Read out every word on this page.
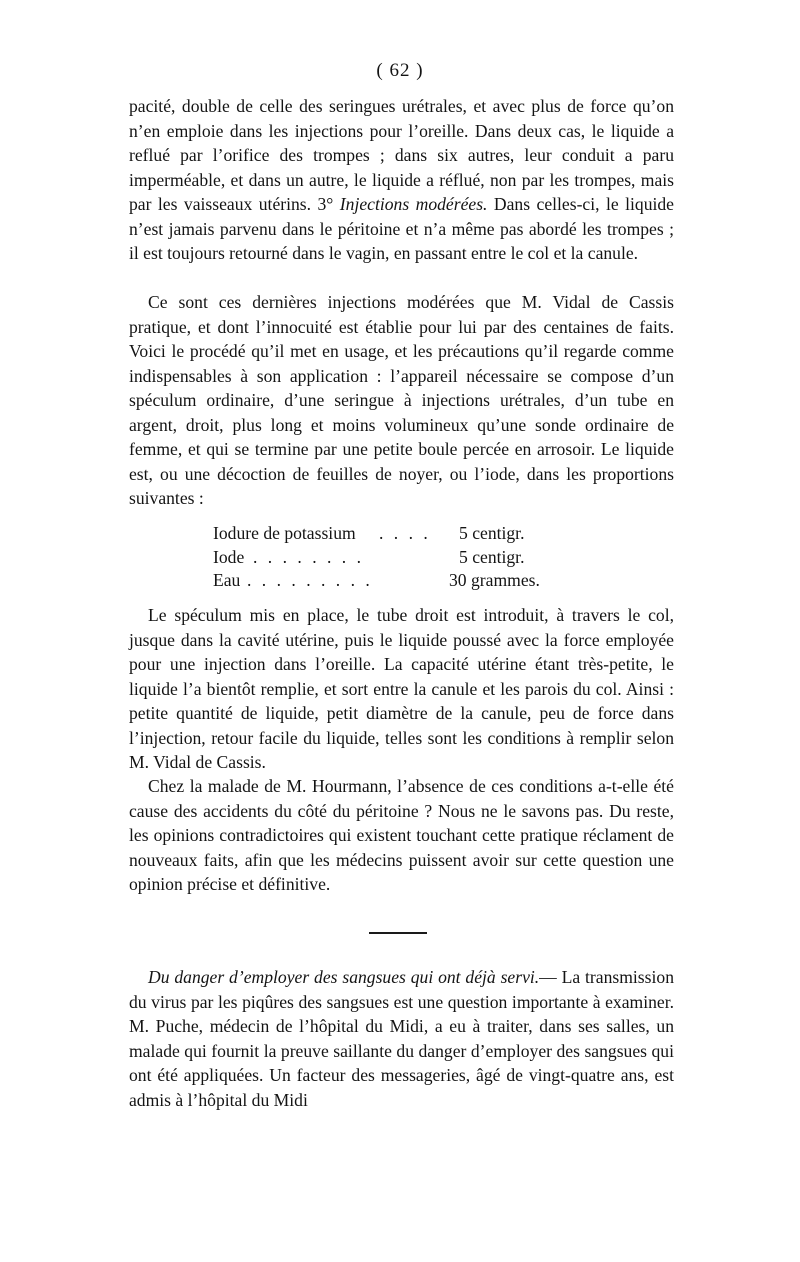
( 62 )

pacité, double de celle des seringues urétrales, et avec plus de force qu’on n’en emploie dans les injections pour l’oreille. Dans deux cas, le liquide a reflué par l’orifice des trompes ; dans six autres, leur conduit a paru imperméable, et dans un autre, le liquide a réflué, non par les trompes, mais par les vaisseaux utérins. 3° Injections modérées. Dans celles-ci, le liquide n’est jamais parvenu dans le péritoine et n’a même pas abordé les trompes ; il est toujours retourné dans le vagin, en passant entre le col et la canule.

Ce sont ces dernières injections modérées que M. Vidal de Cassis pratique, et dont l’innocuité est établie pour lui par des centaines de faits. Voici le procédé qu’il met en usage, et les précautions qu’il regarde comme indispensables à son application : l’appareil nécessaire se compose d’un spéculum ordinaire, d’une seringue à injections urétrales, d’un tube en argent, droit, plus long et moins volumineux qu’une sonde ordinaire de femme, et qui se termine par une petite boule percée en arrosoir. Le liquide est, ou une décoction de feuilles de noyer, ou l’iode, dans les proportions suivantes :

Iodure de potassium . . . . 5 centigr.
Iode . . . . . . . .	5 centigr.
Eau . . . . . . . . .	30 grammes.

Le spéculum mis en place, le tube droit est introduit, à travers le col, jusque dans la cavité utérine, puis le liquide poussé avec la force employée pour une injection dans l’oreille. La capacité utérine étant très-petite, le liquide l’a bientôt remplie, et sort entre la canule et les parois du col. Ainsi : petite quantité de liquide, petit diamètre de la canule, peu de force dans l’injection, retour facile du liquide, telles sont les conditions à remplir selon M. Vidal de Cassis.

Chez la malade de M. Hourmann, l’absence de ces conditions a-t-elle été cause des accidents du côté du péritoine ? Nous ne le savons pas. Du reste, les opinions contradictoires qui existent touchant cette pratique réclament de nouveaux faits, afin que les médecins puissent avoir sur cette question une opinion précise et définitive.

Du danger d’employer des sangsues qui ont déjà servi.— La transmission du virus par les piqûres des sangsues est une question importante à examiner. M. Puche, médecin de l’hôpital du Midi, a eu à traiter, dans ses salles, un malade qui fournit la preuve saillante du danger d’employer des sangsues qui ont été appliquées. Un facteur des messageries, âgé de vingt-quatre ans, est admis à l’hôpital du Midi
